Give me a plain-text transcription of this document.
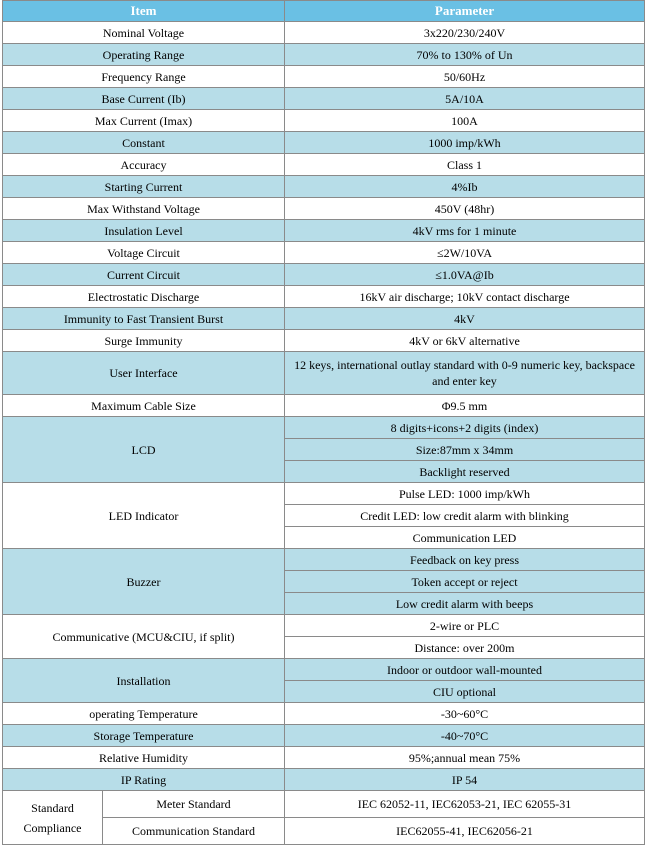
Item		Parameter
Nominal Voltage		3x220/230/240V
Operating Range		70% to 130% of Un
Frequency Range		50/60Hz
Base Current (Ib)		5A/10A
Max Current (Imax)		100A
Constant		1000 imp/kWh
Accuracy		Class 1
Starting Current		4%Ib
Max Withstand Voltage		450V (48hr)
Insulation Level		4kV rms for 1 minute
Voltage Circuit		≤2W/10VA
Current Circuit		≤1.0VA@Ib
Electrostatic Discharge		16kV air discharge; 10kV contact discharge
Immunity to Fast Transient Burst		4kV
Surge Immunity		4kV or 6kV alternative
User Interface		12 keys, international outlay standard with 0-9 numeric key, backspace and enter key
Maximum Cable Size		Φ9.5 mm
LCD		8 digits+icons+2 digits (index)
		Size:87mm x 34mm
		Backlight reserved
LED Indicator		Pulse LED: 1000 imp/kWh
		Credit LED: low credit alarm with blinking
		Communication LED
Buzzer		Feedback on key press
		Token accept or reject
		Low credit alarm with beeps
Communicative (MCU&CIU, if split)		2-wire or PLC
		Distance: over 200m
Installation		Indoor or outdoor wall-mounted
		CIU optional
operating Temperature		-30~60°C
Storage Temperature		-40~70°C
Relative Humidity		95%;annual mean 75%
IP Rating		IP 54
Standard Compliance	Meter Standard	IEC 62052-11, IEC62053-21, IEC 62055-31
	Communication Standard	IEC62055-41, IEC62056-21
